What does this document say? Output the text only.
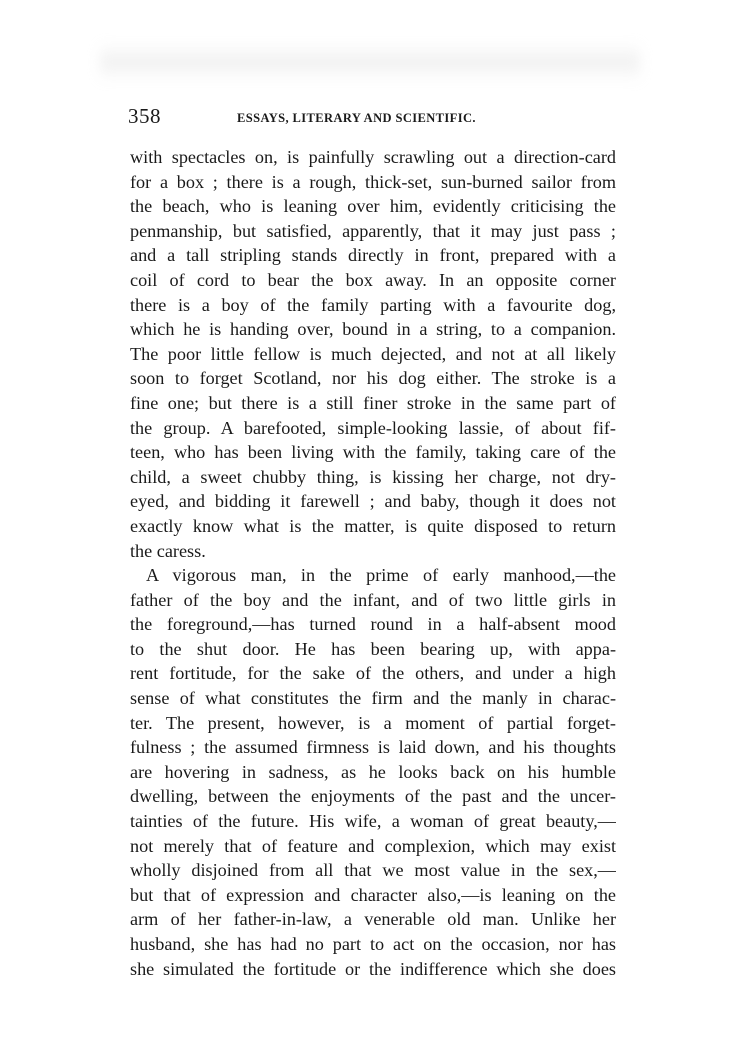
358	ESSAYS, LITERARY AND SCIENTIFIC.
with spectacles on, is painfully scrawling out a direction-card
for a box ; there is a rough, thick-set, sun-burned sailor from
the beach, who is leaning over him, evidently criticising the
penmanship, but satisfied, apparently, that it may just pass ;
and a tall stripling stands directly in front, prepared with a
coil of cord to bear the box away. In an opposite corner
there is a boy of the family parting with a favourite dog,
which he is handing over, bound in a string, to a companion.
The poor little fellow is much dejected, and not at all likely
soon to forget Scotland, nor his dog either. The stroke is a
fine one; but there is a still finer stroke in the same part of
the group. A barefooted, simple-looking lassie, of about fif-
teen, who has been living with the family, taking care of the
child, a sweet chubby thing, is kissing her charge, not dry-
eyed, and bidding it farewell ; and baby, though it does not
exactly know what is the matter, is quite disposed to return
the caress.
A vigorous man, in the prime of early manhood,—the
father of the boy and the infant, and of two little girls in
the foreground,—has turned round in a half-absent mood
to the shut door. He has been bearing up, with appa-
rent fortitude, for the sake of the others, and under a high
sense of what constitutes the firm and the manly in charac-
ter. The present, however, is a moment of partial forget-
fulness ; the assumed firmness is laid down, and his thoughts
are hovering in sadness, as he looks back on his humble
dwelling, between the enjoyments of the past and the uncer-
tainties of the future. His wife, a woman of great beauty,—
not merely that of feature and complexion, which may exist
wholly disjoined from all that we most value in the sex,—
but that of expression and character also,—is leaning on the
arm of her father-in-law, a venerable old man. Unlike her
husband, she has had no part to act on the occasion, nor has
she simulated the fortitude or the indifference which she does
